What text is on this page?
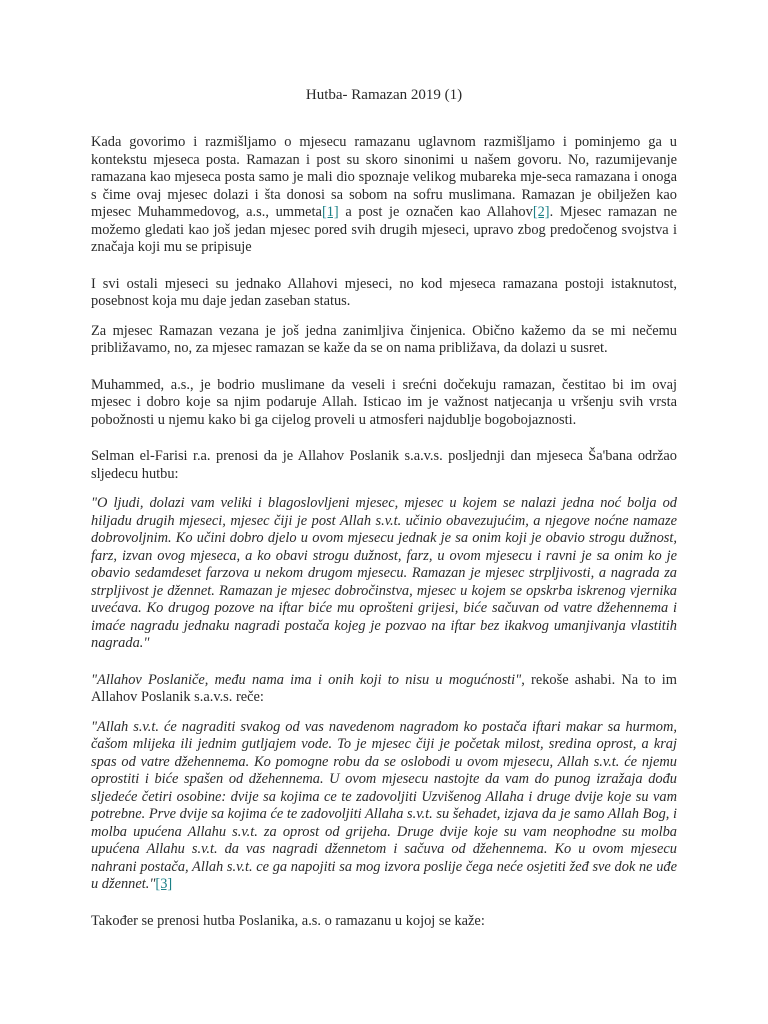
Hutba- Ramazan 2019 (1)

Kada govorimo i razmišljamo o mjesecu ramazanu uglavnom razmišljamo i pominjemo ga u kontekstu mjeseca posta. Ramazan i post su skoro sinonimi u našem govoru. No, razumijevanje ramazana kao mjeseca posta samo je mali dio spoznaje velikog mubareka mje-seca ramazana i onoga s čime ovaj mjesec dolazi i šta donosi sa sobom na sofru muslimana. Ramazan je obilježen kao mjesec Muhammedovog, a.s., ummeta[1] a post je označen kao Allahov[2]. Mjesec ramazan ne možemo gledati kao još jedan mjesec pored svih drugih mjeseci, upravo zbog predočenog svojstva i značaja koji mu se pripisuje

I svi ostali mjeseci su jednako Allahovi mjeseci, no kod mjeseca ramazana postoji istaknutost, posebnost koja mu daje jedan zaseban status.

Za mjesec Ramazan vezana je još jedna zanimljiva činjenica. Obično kažemo da se mi nečemu približavamo, no, za mjesec ramazan se kaže da se on nama približava, da dolazi u susret.

Muhammed, a.s., je bodrio muslimane da veseli i srećni dočekuju ramazan, čestitao bi im ovaj mjesec i dobro koje sa njim podaruje Allah. Isticao im je važnost natjecanja u vršenju svih vrsta pobožnosti u njemu kako bi ga cijelog proveli u atmosferi najdublje bogobojaznosti.

Selman el-Farisi r.a. prenosi da je Allahov Poslanik s.a.v.s. posljednji dan mjeseca Ša'bana održao sljedecu hutbu:

"O ljudi, dolazi vam veliki i blagoslovljeni mjesec, mjesec u kojem se nalazi jedna noć bolja od hiljadu drugih mjeseci, mjesec čiji je post Allah s.v.t. učinio obavezujućim, a njegove noćne namaze dobrovoljnim. Ko učini dobro djelo u ovom mjesecu jednak je sa onim koji je obavio strogu dužnost, farz, izvan ovog mjeseca, a ko obavi strogu dužnost, farz, u ovom mjesecu i ravni je sa onim ko je obavio sedamdeset farzova u nekom drugom mjesecu. Ramazan je mjesec strpljivosti, a nagrada za strpljivost je džennet. Ramazan je mjesec dobročinstva, mjesec u kojem se opskrba iskrenog vjernika uvećava. Ko drugog pozove na iftar biće mu oprošteni grijesi, biće sačuvan od vatre džehennema i imaće nagradu jednaku nagradi postača kojeg je pozvao na iftar bez ikakvog umanjivanja vlastitih nagrada."

"Allahov Poslaniče, među nama ima i onih koji to nisu u mogućnosti", rekoše ashabi. Na to im Allahov Poslanik s.a.v.s. reče:

"Allah s.v.t. će nagraditi svakog od vas navedenom nagradom ko postača iftari makar sa hurmom, čašom mlijeka ili jednim gutljajem vode. To je mjesec čiji je početak milost, sredina oprost, a kraj spas od vatre džehennema. Ko pomogne robu da se oslobodi u ovom mjesecu, Allah s.v.t. će njemu oprostiti i biće spašen od džehennema. U ovom mjesecu nastojte da vam do punog izražaja dođu sljedeće četiri osobine: dvije sa kojima ce te zadovoljiti Uzvišenog Allaha i druge dvije koje su vam potrebne. Prve dvije sa kojima će te zadovoljiti Allaha s.v.t. su šehadet, izjava da je samo Allah Bog, i molba upućena Allahu s.v.t. za oprost od grijeha. Druge dvije koje su vam neophodne su molba upućena Allahu s.v.t. da vas nagradi džennetom i sačuva od džehennema. Ko u ovom mjesecu nahrani postača, Allah s.v.t. ce ga napojiti sa mog izvora poslije čega neće osjetiti žeđ sve dok ne uđe u džennet."[3]

Također se prenosi hutba Poslanika, a.s. o ramazanu u kojoj se kaže:
